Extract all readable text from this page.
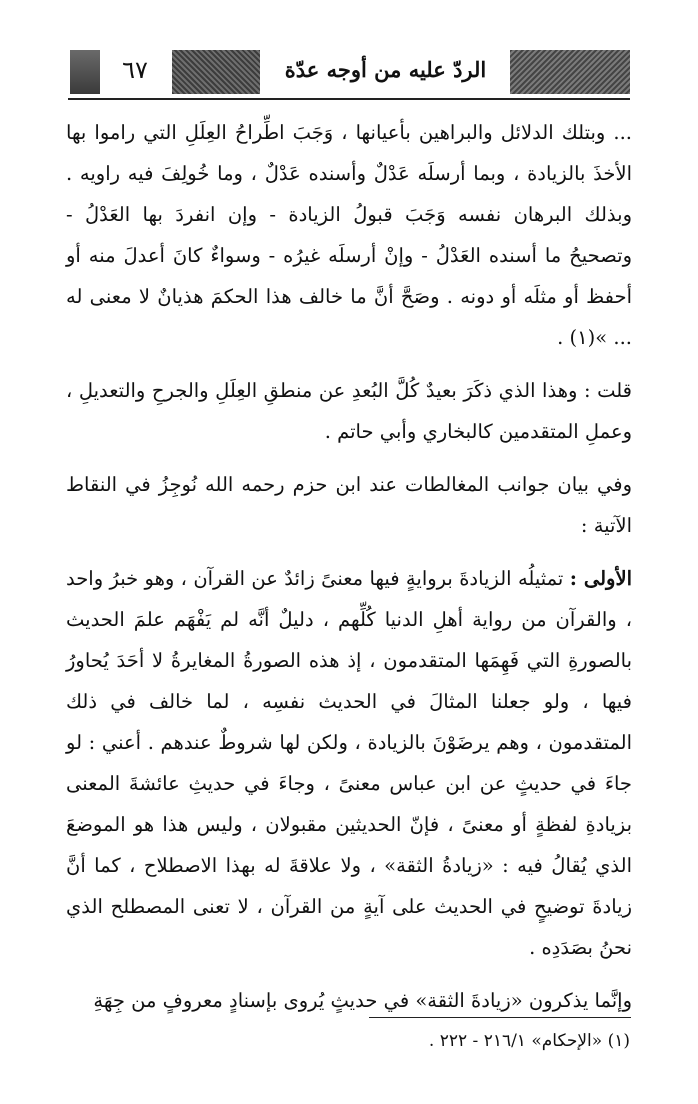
٦٧	الردّ عليه من أوجه عدّة

... وبتلك الدلائل والبراهين بأعيانها ، وَجَبَ اطِّراحُ العِلَلِ التي راموا بها الأخذَ بالزيادة ، وبما أرسلَه عَدْلٌ وأسنده عَدْلٌ ، وما خُولِفَ فيه راويه . وبذلك البرهان نفسه وَجَبَ قبولُ الزيادة - وإن انفردَ بها العَدْلُ - وتصحيحُ ما أسنده العَدْلُ - وإنْ أرسلَه غيرُه - وسواءٌ كانَ أعدلَ منه أو أحفظ أو مثلَه أو دونه . وصَحَّ أنَّ ما خالف هذا الحكمَ هذيانٌ لا معنى له ... »(١) .

قلت : وهذا الذي ذكَرَ بعيدٌ كُلَّ البُعدِ عن منطقِ العِلَلِ والجرحِ والتعديلِ ، وعملِ المتقدمين كالبخاري وأبي حاتم .

وفي بيان جوانب المغالطات عند ابن حزم رحمه الله نُوجِزُ في النقاط الآتية :

الأولى : تمثيلُه الزيادةَ بروايةٍ فيها معنىً زائدٌ عن القرآن ، وهو خبرُ واحد ، والقرآن من رواية أهلِ الدنيا كُلِّهم ، دليلٌ أنَّه لم يَفْهَم علمَ الحديث بالصورةِ التي فَهِمَها المتقدمون ، إذ هذه الصورةُ المغايرةُ لا أحَدَ يُحاورُ فيها ، ولو جعلنا المثالَ في الحديث نفسِه ، لما خالف في ذلك المتقدمون ، وهم يرضَوْنَ بالزيادة ، ولكن لها شروطٌ عندهم . أعني : لو جاءَ في حديثٍ عن ابن عباس معنىً ، وجاءَ في حديثِ عائشةَ المعنى بزيادةِ لفظةٍ أو معنىً ، فإنّ الحديثين مقبولان ، وليس هذا هو الموضعَ الذي يُقالُ فيه : «زيادةُ الثقة» ، ولا علاقةَ له بهذا الاصطلاح ، كما أنَّ زيادةَ توضيحٍ في الحديث على آيةٍ من القرآن ، لا تعنى المصطلح الذي نحنُ بصَدَدِه .

وإنَّما يذكرون «زيادةَ الثقة» في حديثٍ يُروى بإسنادٍ معروفٍ من جِهَةِ

(١) «الإحكام» ٢١٦/١ - ٢٢٢ .
